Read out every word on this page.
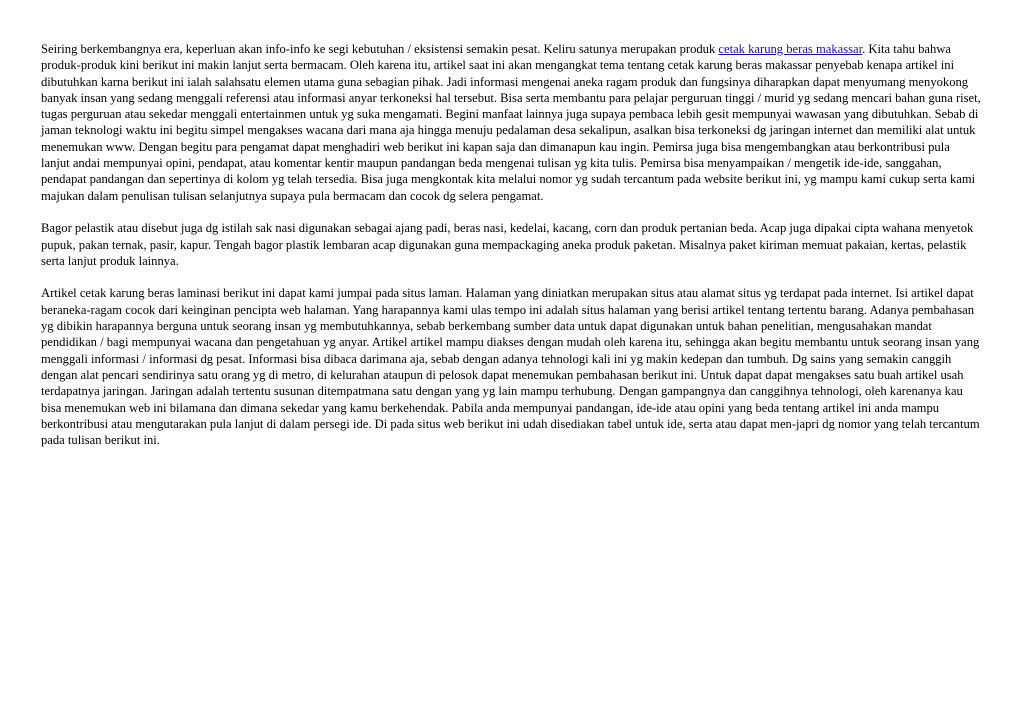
Seiring berkembangnya era, keperluan akan info-info ke segi kebutuhan / eksistensi semakin pesat. Keliru satunya merupakan produk cetak karung beras makassar. Kita tahu bahwa produk-produk kini berikut ini makin lanjut serta bermacam. Oleh karena itu, artikel saat ini akan mengangkat tema tentang cetak karung beras makassar penyebab kenapa artikel ini dibutuhkan karna berikut ini ialah salahsatu elemen utama guna sebagian pihak. Jadi informasi mengenai aneka ragam produk dan fungsinya diharapkan dapat menyumang menyokong banyak insan yang sedang menggali referensi atau informasi anyar terkoneksi hal tersebut. Bisa serta membantu para pelajar perguruan tinggi / murid yg sedang mencari bahan guna riset, tugas perguruan atau sekedar menggali entertainmen untuk yg suka mengamati. Begini manfaat lainnya juga supaya pembaca lebih gesit mempunyai wawasan yang dibutuhkan. Sebab di jaman teknologi waktu ini begitu simpel mengakses wacana dari mana aja hingga menuju pedalaman desa sekalipun, asalkan bisa terkoneksi dg jaringan internet dan memiliki alat untuk menemukan www. Dengan begitu para pengamat dapat menghadiri web berikut ini kapan saja dan dimanapun kau ingin. Pemirsa juga bisa mengembangkan atau berkontribusi pula lanjut andai mempunyai opini, pendapat, atau komentar kentir maupun pandangan beda mengenai tulisan yg kita tulis. Pemirsa bisa menyampaikan / mengetik ide-ide, sanggahan, pendapat pandangan dan sepertinya di kolom yg telah tersedia. Bisa juga mengkontak kita melalui nomor yg sudah tercantum pada website berikut ini, yg mampu kami cukup serta kami majukan dalam penulisan tulisan selanjutnya supaya pula bermacam dan cocok dg selera pengamat.

Bagor pelastik atau disebut juga dg istilah sak nasi digunakan sebagai ajang padi, beras nasi, kedelai, kacang, corn dan produk pertanian beda. Acap juga dipakai cipta wahana menyetok pupuk, pakan ternak, pasir, kapur. Tengah bagor plastik lembaran acap digunakan guna mempackaging aneka produk paketan. Misalnya paket kiriman memuat pakaian, kertas, pelastik serta lanjut produk lainnya.

Artikel cetak karung beras laminasi berikut ini dapat kami jumpai pada situs laman. Halaman yang diniatkan merupakan situs atau alamat situs yg terdapat pada internet. Isi artikel dapat beraneka-ragam cocok dari keinginan pencipta web halaman. Yang harapannya kami ulas tempo ini adalah situs halaman yang berisi artikel tentang tertentu barang. Adanya pembahasan yg dibikin harapannya berguna untuk seorang insan yg membutuhkannya, sebab berkembang sumber data untuk dapat digunakan untuk bahan penelitian, mengusahakan mandat pendidikan / bagi mempunyai wacana dan pengetahuan yg anyar. Artikel artikel mampu diakses dengan mudah oleh karena itu, sehingga akan begitu membantu untuk seorang insan yang menggali informasi / informasi dg pesat. Informasi bisa dibaca darimana aja, sebab dengan adanya tehnologi kali ini yg makin kedepan dan tumbuh. Dg sains yang semakin canggih dengan alat pencari sendirinya satu orang yg di metro, di kelurahan ataupun di pelosok dapat menemukan pembahasan berikut ini. Untuk dapat dapat mengakses satu buah artikel usah terdapatnya jaringan. Jaringan adalah tertentu susunan ditempatmana satu dengan yang yg lain mampu terhubung. Dengan gampangnya dan canggihnya tehnologi, oleh karenanya kau bisa menemukan web ini bilamana dan dimana sekedar yang kamu berkehendak. Pabila anda mempunyai pandangan, ide-ide atau opini yang beda tentang artikel ini anda mampu berkontribusi atau mengutarakan pula lanjut di dalam persegi ide. Di pada situs web berikut ini udah disediakan tabel untuk ide, serta atau dapat men-japri dg nomor yang telah tercantum pada tulisan berikut ini.
